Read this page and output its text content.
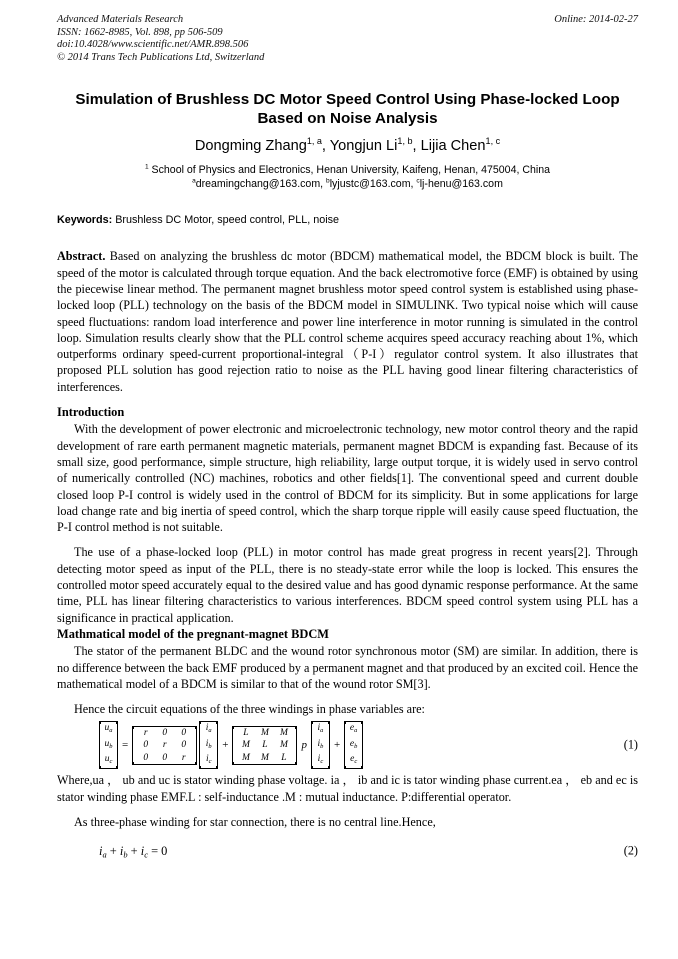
Online: 2014-02-27
Advanced Materials Research
ISSN: 1662-8985, Vol. 898, pp 506-509
doi:10.4028/www.scientific.net/AMR.898.506
© 2014 Trans Tech Publications Ltd, Switzerland
Simulation of Brushless DC Motor Speed Control Using Phase-locked Loop Based on Noise Analysis
Dongming Zhang$^{1, a}$, Yongjun Li$^{1, b}$, Lijia Chen$^{1, c}$
$^1$ School of Physics and Electronics, Henan University, Kaifeng, Henan, 475004, China
$^a$dreamingchang@163.com, $^b$lyjustc@163.com, $^c$lj-henu@163.com
Keywords: Brushless DC Motor, speed control, PLL, noise

Abstract. Based on analyzing the brushless dc motor (BDCM) mathematical model, the BDCM block is built. The speed of the motor is calculated through torque equation. And the back electromotive force (EMF) is obtained by using the piecewise linear method. The permanent magnet brushless motor speed control system is established using phase-locked loop (PLL) technology on the basis of the BDCM model in SIMULINK. Two typical noise which will cause speed fluctuations: random load interference and power line interference in motor running is simulated in the control loop. Simulation results clearly show that the PLL control scheme acquires speed accuracy reaching about 1%, which outperforms ordinary speed-current proportional-integral（P-I）regulator control system. It also illustrates that proposed PLL solution has good rejection ratio to noise as the PLL having good linear filtering characteristics of interferences.

Introduction

With the development of power electronic and microelectronic technology, new motor control theory and the rapid development of rare earth permanent magnetic materials, permanent magnet BDCM is expanding fast. Because of its small size, good performance, simple structure, high reliability, large output torque, it is widely used in servo control of numerically controlled (NC) machines, robotics and other fields[1]. The conventional speed and current double closed loop P-I control is widely used in the control of BDCM for its simplicity. But in some applications for large load change rate and big inertia of speed control, which the sharp torque ripple will easily cause speed fluctuation, the P-I control method is not suitable.

The use of a phase-locked loop (PLL) in motor control has made great progress in recent years[2]. Through detecting motor speed as input of the PLL, there is no steady-state error while the loop is locked. This ensures the controlled motor speed accurately equal to the desired value and has good dynamic response performance. At the same time, PLL has linear filtering characteristics to various interferences. BDCM speed control system using PLL has a significance in practical application.

Mathmatical model of the pregnant-magnet BDCM

The stator of the permanent BLDC and the wound rotor synchronous motor (SM) are similar. In addition, there is no difference between the back EMF produced by a permanent magnet and that produced by an excited coil. Hence the mathematical model of a BDCM is similar to that of the wound rotor SM[3].

Hence the circuit equations of the three windings in phase variables are:

$u_a$
$u_b$
$u_c$
=
r	0	0
0	r	0
0	0	r
$i_a$
$i_b$
$i_c$
+
L	M	M
M	L	M
M	M	L
p
$i_a$
$i_b$
$i_c$
+
$e_a$
$e_b$
$e_c$
(1)

Where,ua ， ub and uc is stator winding phase voltage. ia ， ib and ic is tator winding phase current.ea ， eb and ec is stator winding phase EMF.L : self-inductance .M : mutual inductance. P:differential operator.

As three-phase winding for star connection, there is no central line.Hence,

$i_a + i_b + i_c = 0$	(2)
